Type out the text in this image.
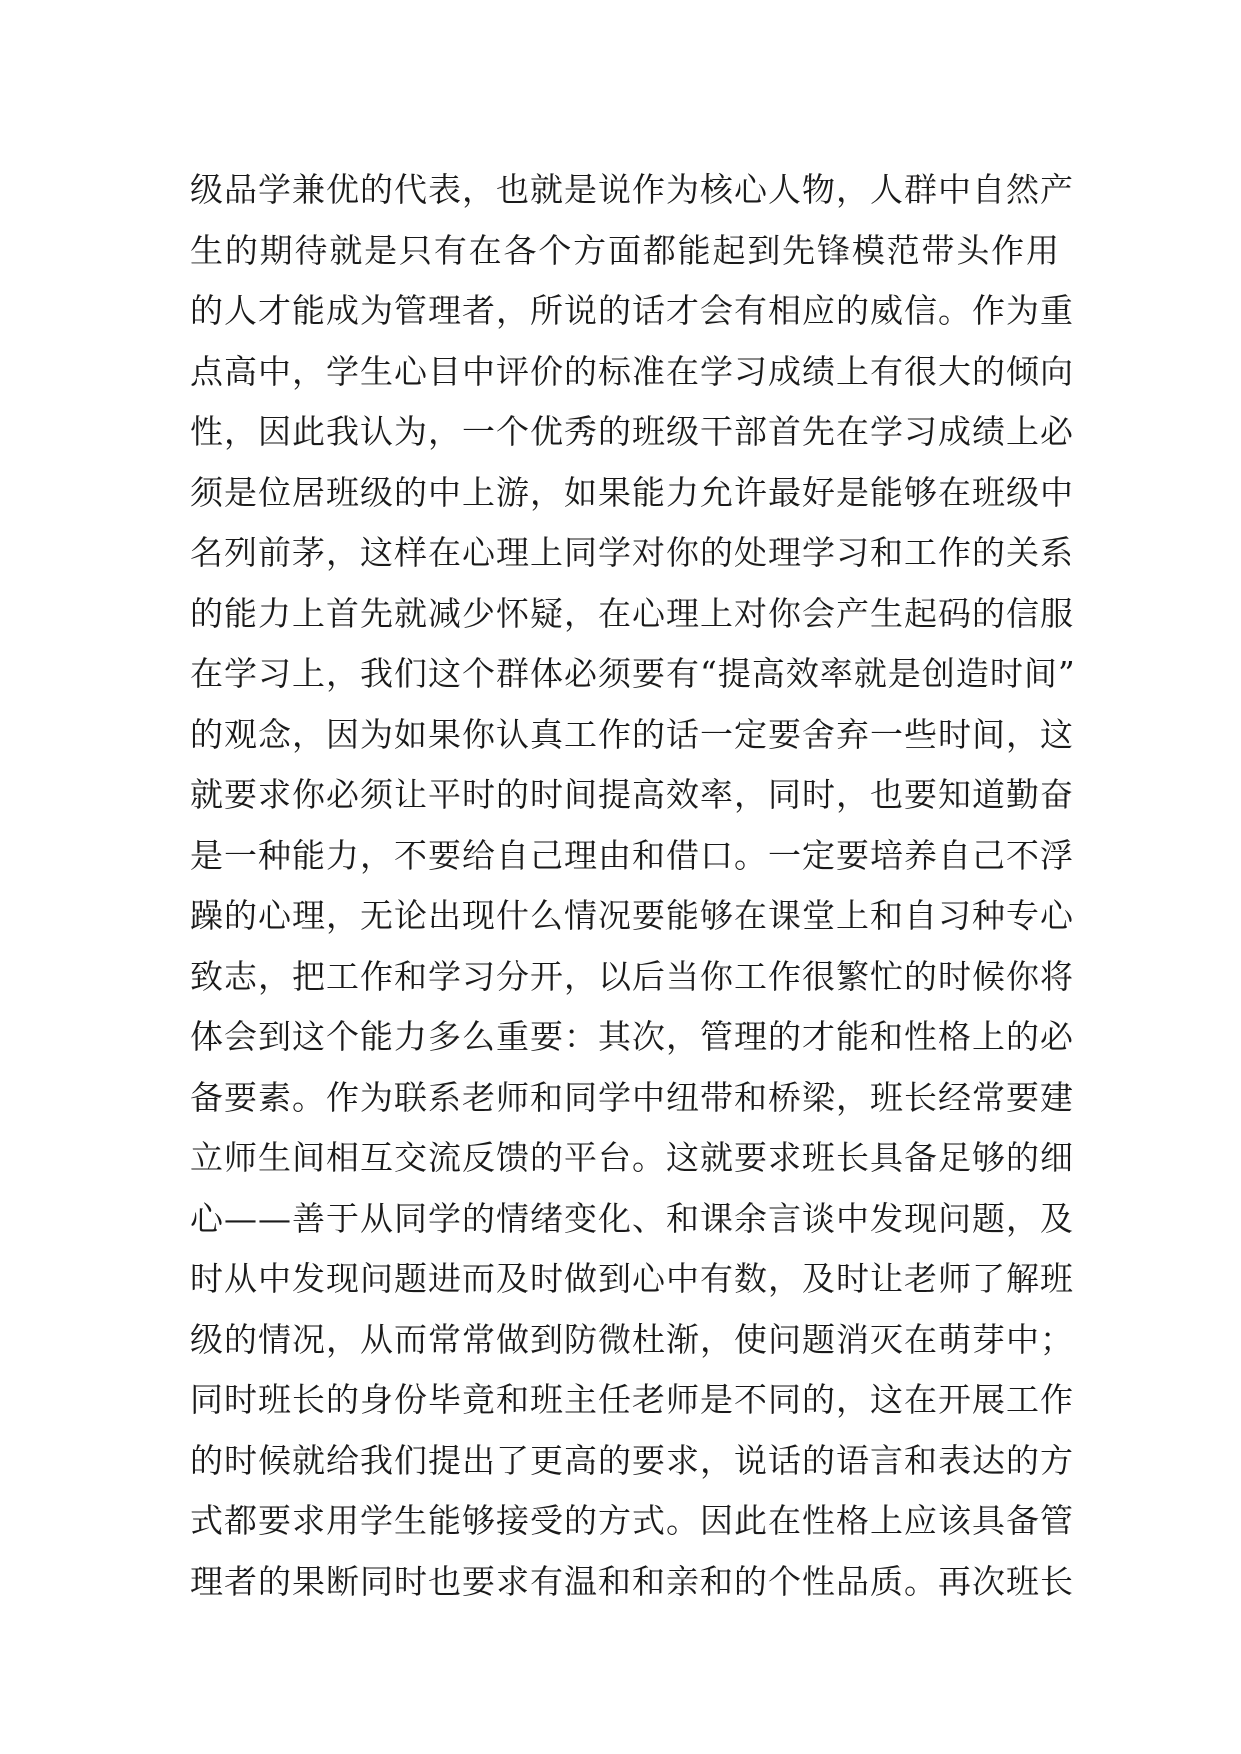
级品学兼优的代表，也就是说作为核心人物，人群中自然产
生的期待就是只有在各个方面都能起到先锋模范带头作用
的人才能成为管理者，所说的话才会有相应的威信。作为重
点高中，学生心目中评价的标准在学习成绩上有很大的倾向
性，因此我认为，一个优秀的班级干部首先在学习成绩上必
须是位居班级的中上游，如果能力允许最好是能够在班级中
名列前茅，这样在心理上同学对你的处理学习和工作的关系
的能力上首先就减少怀疑，在心理上对你会产生起码的信服
在学习上，我们这个群体必须要有“提高效率就是创造时间”
的观念，因为如果你认真工作的话一定要舍弃一些时间，这
就要求你必须让平时的时间提高效率，同时，也要知道勤奋
是一种能力，不要给自己理由和借口。一定要培养自己不浮
躁的心理，无论出现什么情况要能够在课堂上和自习种专心
致志，把工作和学习分开，以后当你工作很繁忙的时候你将
体会到这个能力多么重要：其次，管理的才能和性格上的必
备要素。作为联系老师和同学中纽带和桥梁，班长经常要建
立师生间相互交流反馈的平台。这就要求班长具备足够的细
心——善于从同学的情绪变化、和课余言谈中发现问题，及
时从中发现问题进而及时做到心中有数，及时让老师了解班
级的情况，从而常常做到防微杜渐，使问题消灭在萌芽中；
同时班长的身份毕竟和班主任老师是不同的，这在开展工作
的时候就给我们提出了更高的要求，说话的语言和表达的方
式都要求用学生能够接受的方式。因此在性格上应该具备管
理者的果断同时也要求有温和和亲和的个性品质。再次班长
